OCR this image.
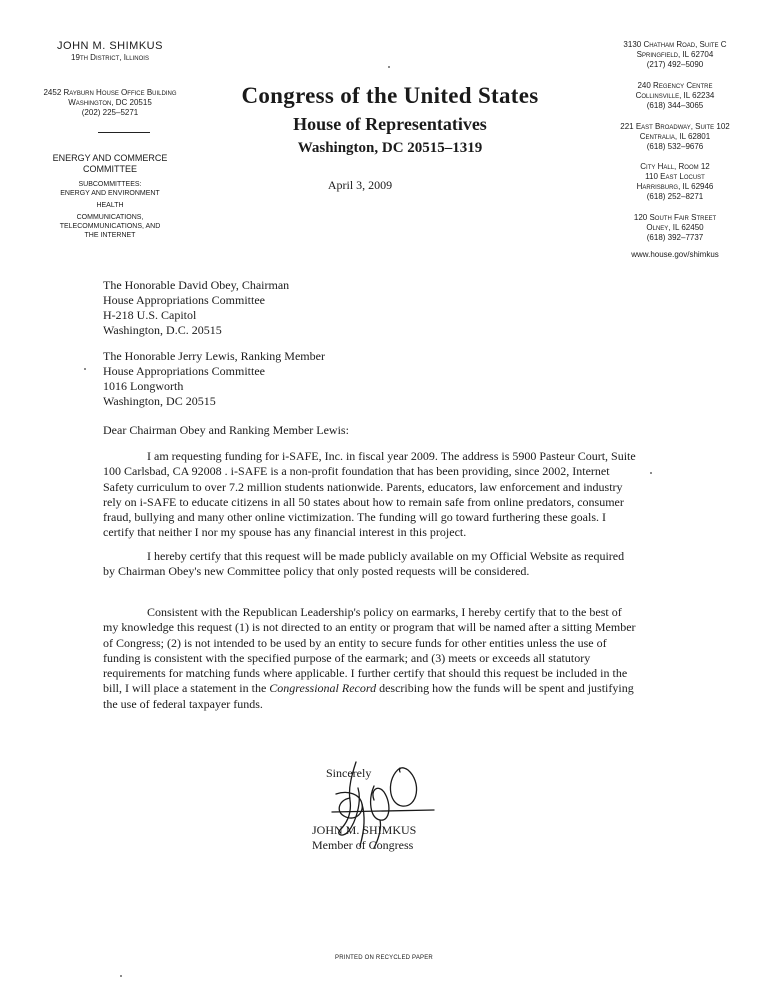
JOHN M. SHIMKUS
19th District, Illinois
2452 Rayburn House Office Building
Washington, DC 20515
(202) 225–5271
ENERGY AND COMMERCE
COMMITTEE
SUBCOMMITTEES:
ENERGY AND ENVIRONMENT
HEALTH
COMMUNICATIONS,
TELECOMMUNICATIONS, AND
THE INTERNET
Congress of the United States
House of Representatives
Washington, DC 20515–1319
April 3, 2009
3130 Chatham Road, Suite C
Springfield, IL 62704
(217) 492–5090
240 Regency Centre
Collinsville, IL 62234
(618) 344–3065
221 East Broadway, Suite 102
Centralia, IL 62801
(618) 532–9676
City Hall, Room 12
110 East Locust
Harrisburg, IL 62946
(618) 252–8271
120 South Fair Street
Olney, IL 62450
(618) 392–7737
www.house.gov/shimkus
The Honorable David Obey, Chairman
House Appropriations Committee
H-218 U.S. Capitol
Washington, D.C. 20515
The Honorable Jerry Lewis, Ranking Member
House Appropriations Committee
1016 Longworth
Washington, DC 20515
Dear Chairman Obey and Ranking Member Lewis:

I am requesting funding for i-SAFE, Inc. in fiscal year 2009. The address is 5900 Pasteur Court, Suite 100 Carlsbad, CA 92008 . i-SAFE is a non-profit foundation that has been providing, since 2002, Internet Safety curriculum to over 7.2 million students nationwide. Parents, educators, law enforcement and industry rely on i-SAFE to educate citizens in all 50 states about how to remain safe from online predators, consumer fraud, bullying and many other online victimization. The funding will go toward furthering these goals. I certify that neither I nor my spouse has any financial interest in this project.

I hereby certify that this request will be made publicly available on my Official Website as required by Chairman Obey's new Committee policy that only posted requests will be considered.

Consistent with the Republican Leadership's policy on earmarks, I hereby certify that to the best of my knowledge this request (1) is not directed to an entity or program that will be named after a sitting Member of Congress; (2) is not intended to be used by an entity to secure funds for other entities unless the use of funding is consistent with the specified purpose of the earmark; and (3) meets or exceeds all statutory requirements for matching funds where applicable. I further certify that should this request be included in the bill, I will place a statement in the Congressional Record describing how the funds will be spent and justifying the use of federal taxpayer funds.

Sincerely
JOHN M. SHIMKUS
Member of Congress
PRINTED ON RECYCLED PAPER
